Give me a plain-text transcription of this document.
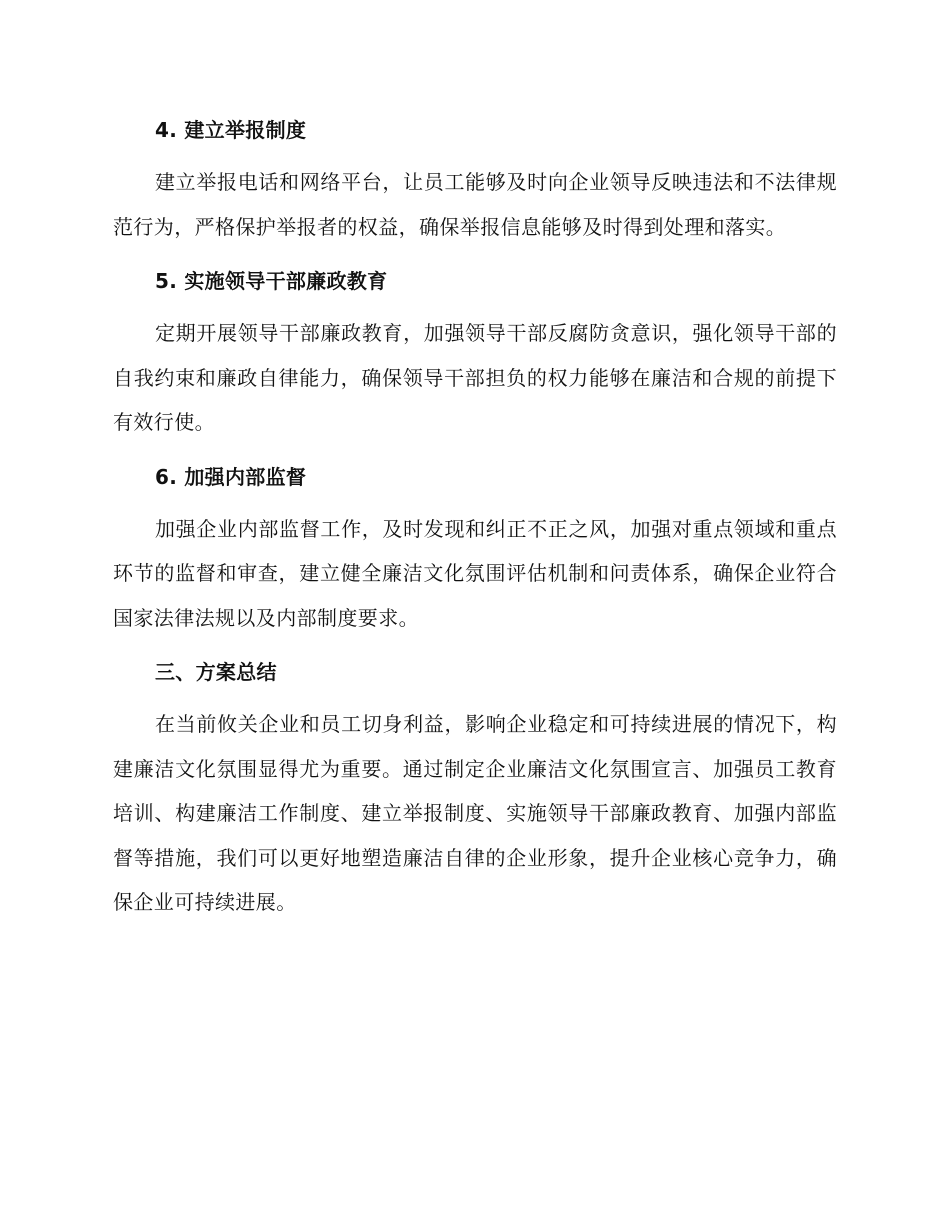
4. 建立举报制度

建立举报电话和网络平台，让员工能够及时向企业领导反映违法和不法律规范行为，严格保护举报者的权益，确保举报信息能够及时得到处理和落实。

5. 实施领导干部廉政教育

定期开展领导干部廉政教育，加强领导干部反腐防贪意识，强化领导干部的自我约束和廉政自律能力，确保领导干部担负的权力能够在廉洁和合规的前提下有效行使。

6. 加强内部监督

加强企业内部监督工作，及时发现和纠正不正之风，加强对重点领域和重点环节的监督和审查，建立健全廉洁文化氛围评估机制和问责体系，确保企业符合国家法律法规以及内部制度要求。

三、方案总结

在当前攸关企业和员工切身利益，影响企业稳定和可持续进展的情况下，构建廉洁文化氛围显得尤为重要。通过制定企业廉洁文化氛围宣言、加强员工教育培训、构建廉洁工作制度、建立举报制度、实施领导干部廉政教育、加强内部监督等措施，我们可以更好地塑造廉洁自律的企业形象，提升企业核心竞争力，确保企业可持续进展。
